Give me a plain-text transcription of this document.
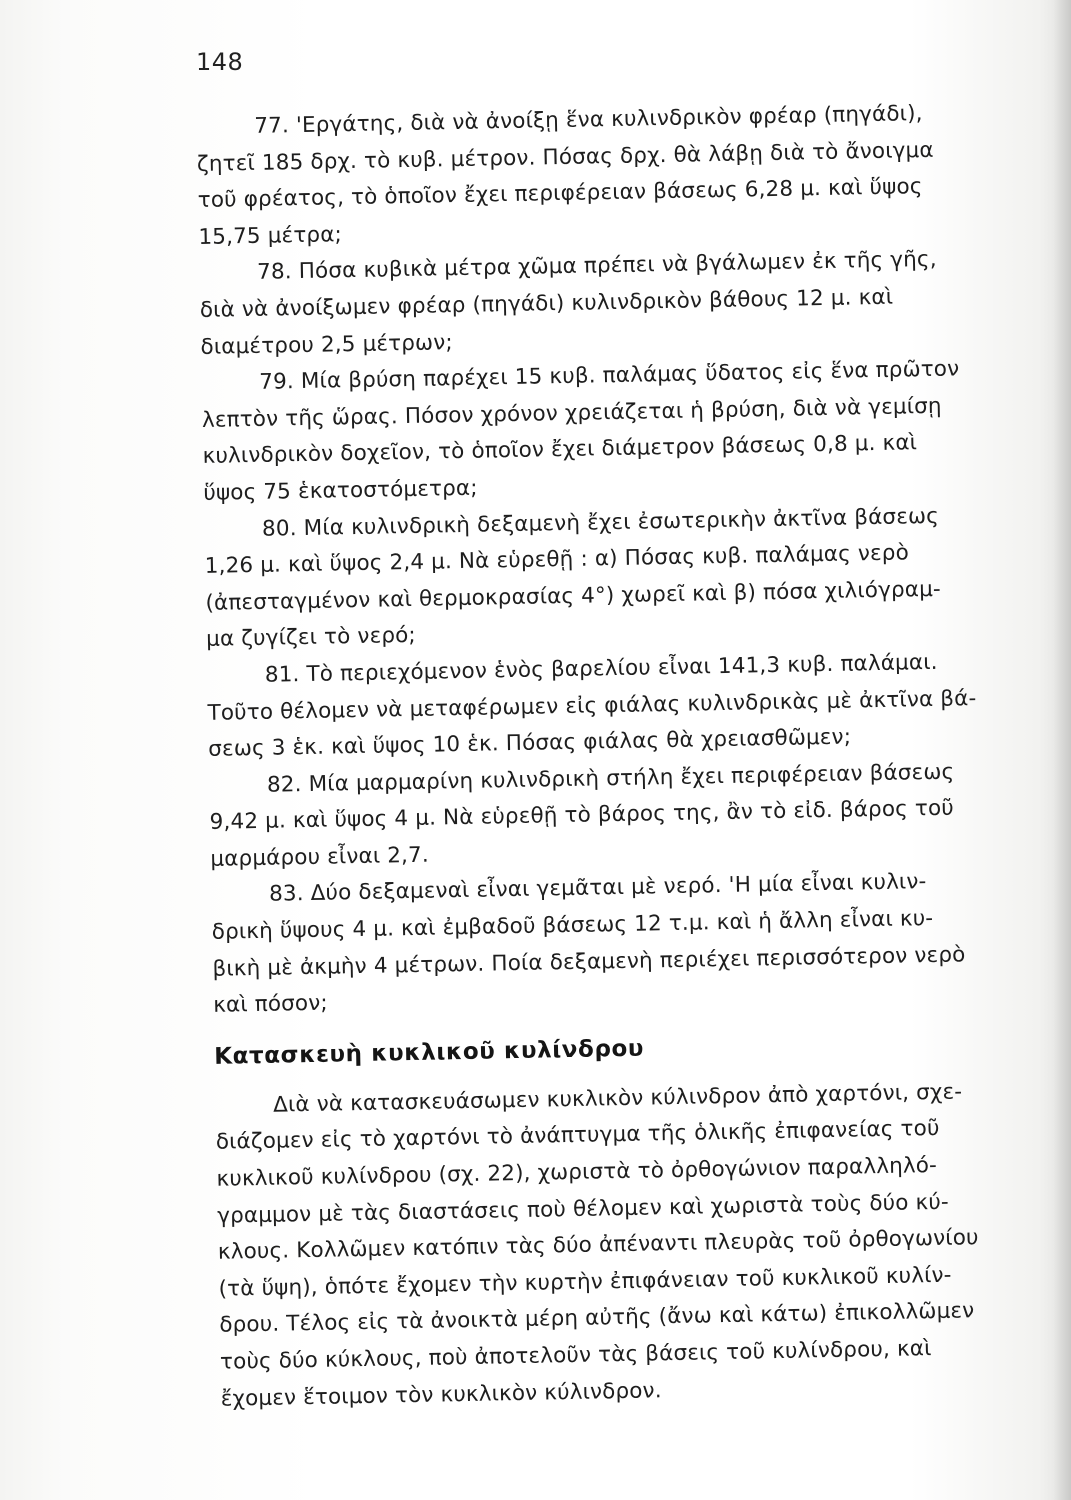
148
77. 'Εργάτης, διὰ νὰ ἀνοίξῃ ἕνα κυλινδρικὸν φρέαρ (πηγάδι),
ζητεῖ 185 δρχ. τὸ κυβ. μέτρον. Πόσας δρχ. θὰ λάβῃ διὰ τὸ ἄνοιγμα
τοῦ φρέατος, τὸ ὁποῖον ἔχει περιφέρειαν βάσεως 6,28 μ. καὶ ὕψος
15,75 μέτρα;
78. Πόσα κυβικὰ μέτρα χῶμα πρέπει νὰ βγάλωμεν ἐκ τῆς γῆς,
διὰ νὰ ἀνοίξωμεν φρέαρ (πηγάδι) κυλινδρικὸν βάθους 12 μ. καὶ
διαμέτρου 2,5 μέτρων;
79. Μία βρύση παρέχει 15 κυβ. παλάμας ὕδατος εἰς ἕνα πρῶτον
λεπτὸν τῆς ὥρας. Πόσον χρόνον χρειάζεται ἡ βρύση, διὰ νὰ γεμίσῃ
κυλινδρικὸν δοχεῖον, τὸ ὁποῖον ἔχει διάμετρον βάσεως 0,8 μ. καὶ
ὕψος 75 ἑκατοστόμετρα;
80. Μία κυλινδρικὴ δεξαμενὴ ἔχει ἐσωτερικὴν ἀκτῖνα βάσεως
1,26 μ. καὶ ὕψος 2,4 μ. Νὰ εὑρεθῇ : α) Πόσας κυβ. παλάμας νερὸ
(ἀπεσταγμένον καὶ θερμοκρασίας 4°) χωρεῖ καὶ β) πόσα χιλιόγραμ-
μα ζυγίζει τὸ νερό;
81. Τὸ περιεχόμενον ἑνὸς βαρελίου εἶναι 141,3 κυβ. παλάμαι.
Τοῦτο θέλομεν νὰ μεταφέρωμεν εἰς φιάλας κυλινδρικὰς μὲ ἀκτῖνα βά-
σεως 3 ἑκ. καὶ ὕψος 10 ἑκ. Πόσας φιάλας θὰ χρειασθῶμεν;
82. Μία μαρμαρίνη κυλινδρικὴ στήλη ἔχει περιφέρειαν βάσεως
9,42 μ. καὶ ὕψος 4 μ. Νὰ εὑρεθῇ τὸ βάρος της, ἂν τὸ εἰδ. βάρος τοῦ
μαρμάρου εἶναι 2,7.
83. Δύο δεξαμεναὶ εἶναι γεμᾶται μὲ νερό. 'Η μία εἶναι κυλιν-
δρικὴ ὕψους 4 μ. καὶ ἐμβαδοῦ βάσεως 12 τ.μ. καὶ ἡ ἄλλη εἶναι κυ-
βικὴ μὲ ἀκμὴν 4 μέτρων. Ποία δεξαμενὴ περιέχει περισσότερον νερὸ
καὶ πόσον;
Κατασκευὴ κυκλικοῦ κυλίνδρου
Διὰ νὰ κατασκευάσωμεν κυκλικὸν κύλινδρον ἀπὸ χαρτόνι, σχε-
διάζομεν εἰς τὸ χαρτόνι τὸ ἀνάπτυγμα τῆς ὁλικῆς ἐπιφανείας τοῦ
κυκλικοῦ κυλίνδρου (σχ. 22), χωριστὰ τὸ ὀρθογώνιον παραλληλό-
γραμμον μὲ τὰς διαστάσεις ποὺ θέλομεν καὶ χωριστὰ τοὺς δύο κύ-
κλους. Κολλῶμεν κατόπιν τὰς δύο ἀπέναντι πλευρὰς τοῦ ὀρθογωνίου
(τὰ ὕψη), ὁπότε ἔχομεν τὴν κυρτὴν ἐπιφάνειαν τοῦ κυκλικοῦ κυλίν-
δρου. Τέλος εἰς τὰ ἀνοικτὰ μέρη αὐτῆς (ἄνω καὶ κάτω) ἐπικολλῶμεν
τοὺς δύο κύκλους, ποὺ ἀποτελοῦν τὰς βάσεις τοῦ κυλίνδρου, καὶ
ἔχομεν ἕτοιμον τὸν κυκλικὸν κύλινδρον.
